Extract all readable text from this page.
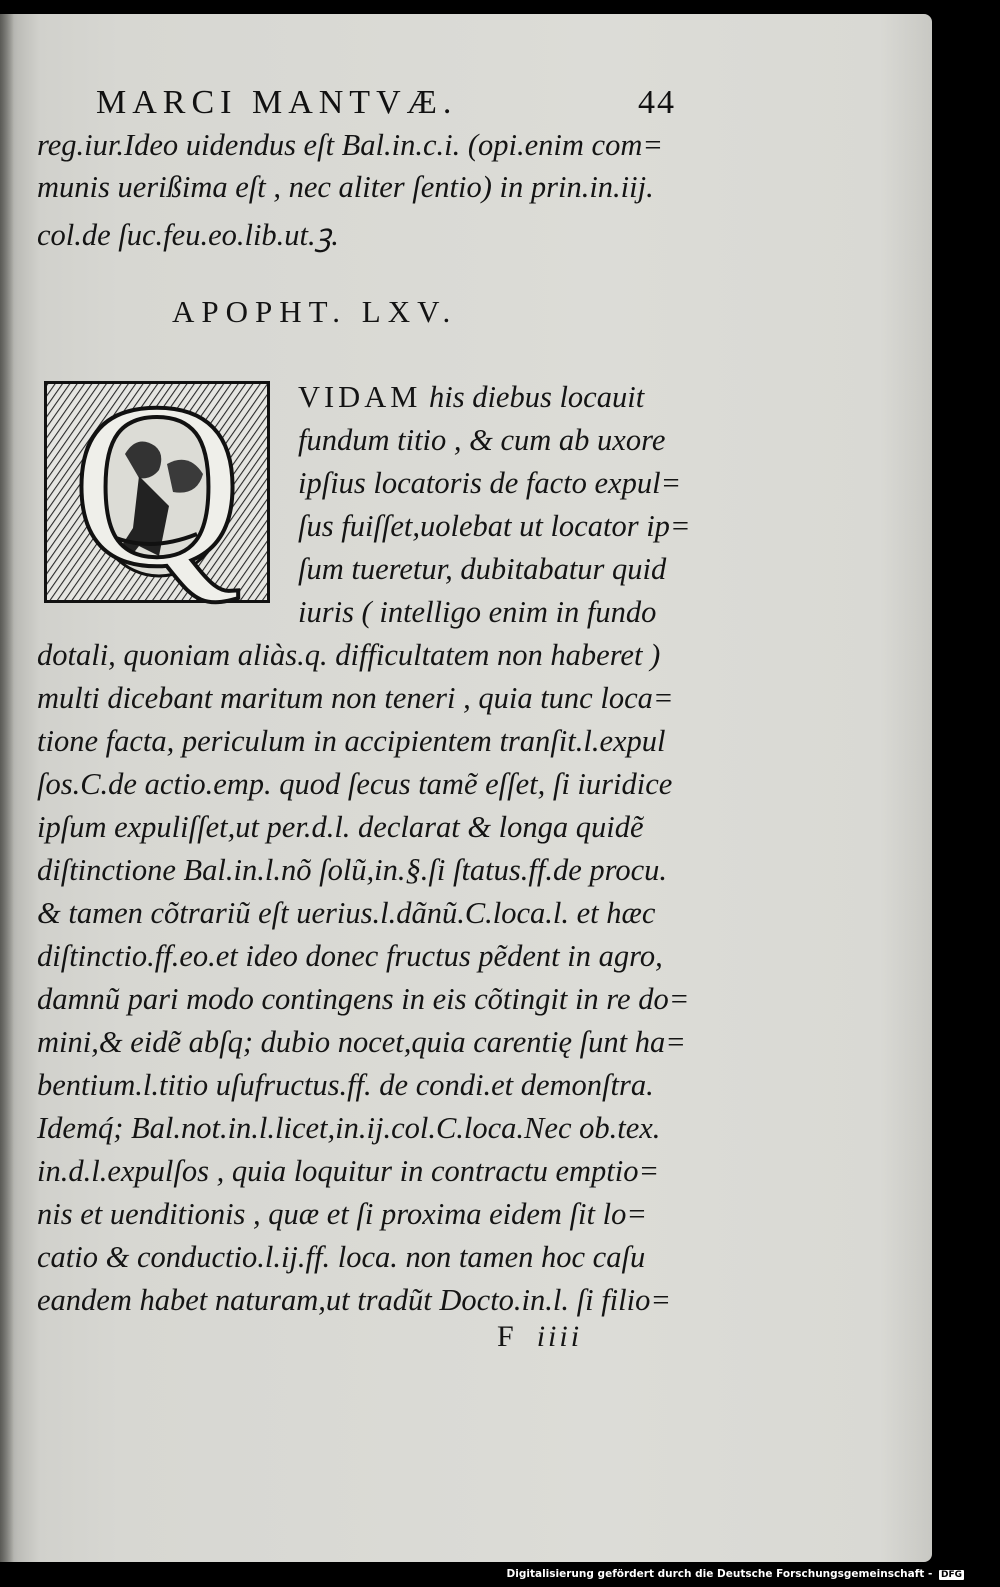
MARCI MANTVÆ.	44
reg.iur.Ideo uidendus eſt Bal.in.c.i. (opi.enim com=
munis uerißima eſt , nec aliter ſentio) in prin.in.iij.
col.de ſuc.feu.eo.lib.ut.ꝫ.
APOPHT. LXV.
Q	VIDAM his diebus locauit
fundum titio , & cum ab uxore
ipſius locatoris de facto expul=
ſus fuiſſet,uolebat ut locator ip=
ſum tueretur, dubitabatur quid
iuris ( intelligo enim in fundo
dotali, quoniam aliàs.q. difficultatem non haberet )
multi dicebant maritum non teneri , quia tunc loca=
tione facta, periculum in accipientem tranſit.l.expul
ſos.C.de actio.emp. quod ſecus tamẽ eſſet, ſi iuridice
ipſum expuliſſet,ut per.d.l. declarat & longa quidẽ
diſtinctione Bal.in.l.nõ ſolũ,in.§.ſi ſtatus.ff.de procu.
& tamen cõtrariũ eſt uerius.l.dãnũ.C.loca.l. et hæc
diſtinctio.ff.eo.et ideo donec fructus pẽdent in agro,
damnũ pari modo contingens in eis cõtingit in re do=
mini,& eidẽ abſq; dubio nocet,quia carentię ſunt ha=
bentium.l.titio uſufructus.ff. de condi.et demonſtra.
Idemq́; Bal.not.in.l.licet,in.ij.col.C.loca.Nec ob.tex.
in.d.l.expulſos , quia loquitur in contractu emptio=
nis et uenditionis , quæ et ſi proxima eidem ſit lo=
catio & conductio.l.ij.ff. loca. non tamen hoc caſu
eandem habet naturam,ut tradũt Docto.in.l. ſi filio=
F iiii
Digitalisierung gefördert durch die Deutsche Forschungsgemeinschaft - DFG
